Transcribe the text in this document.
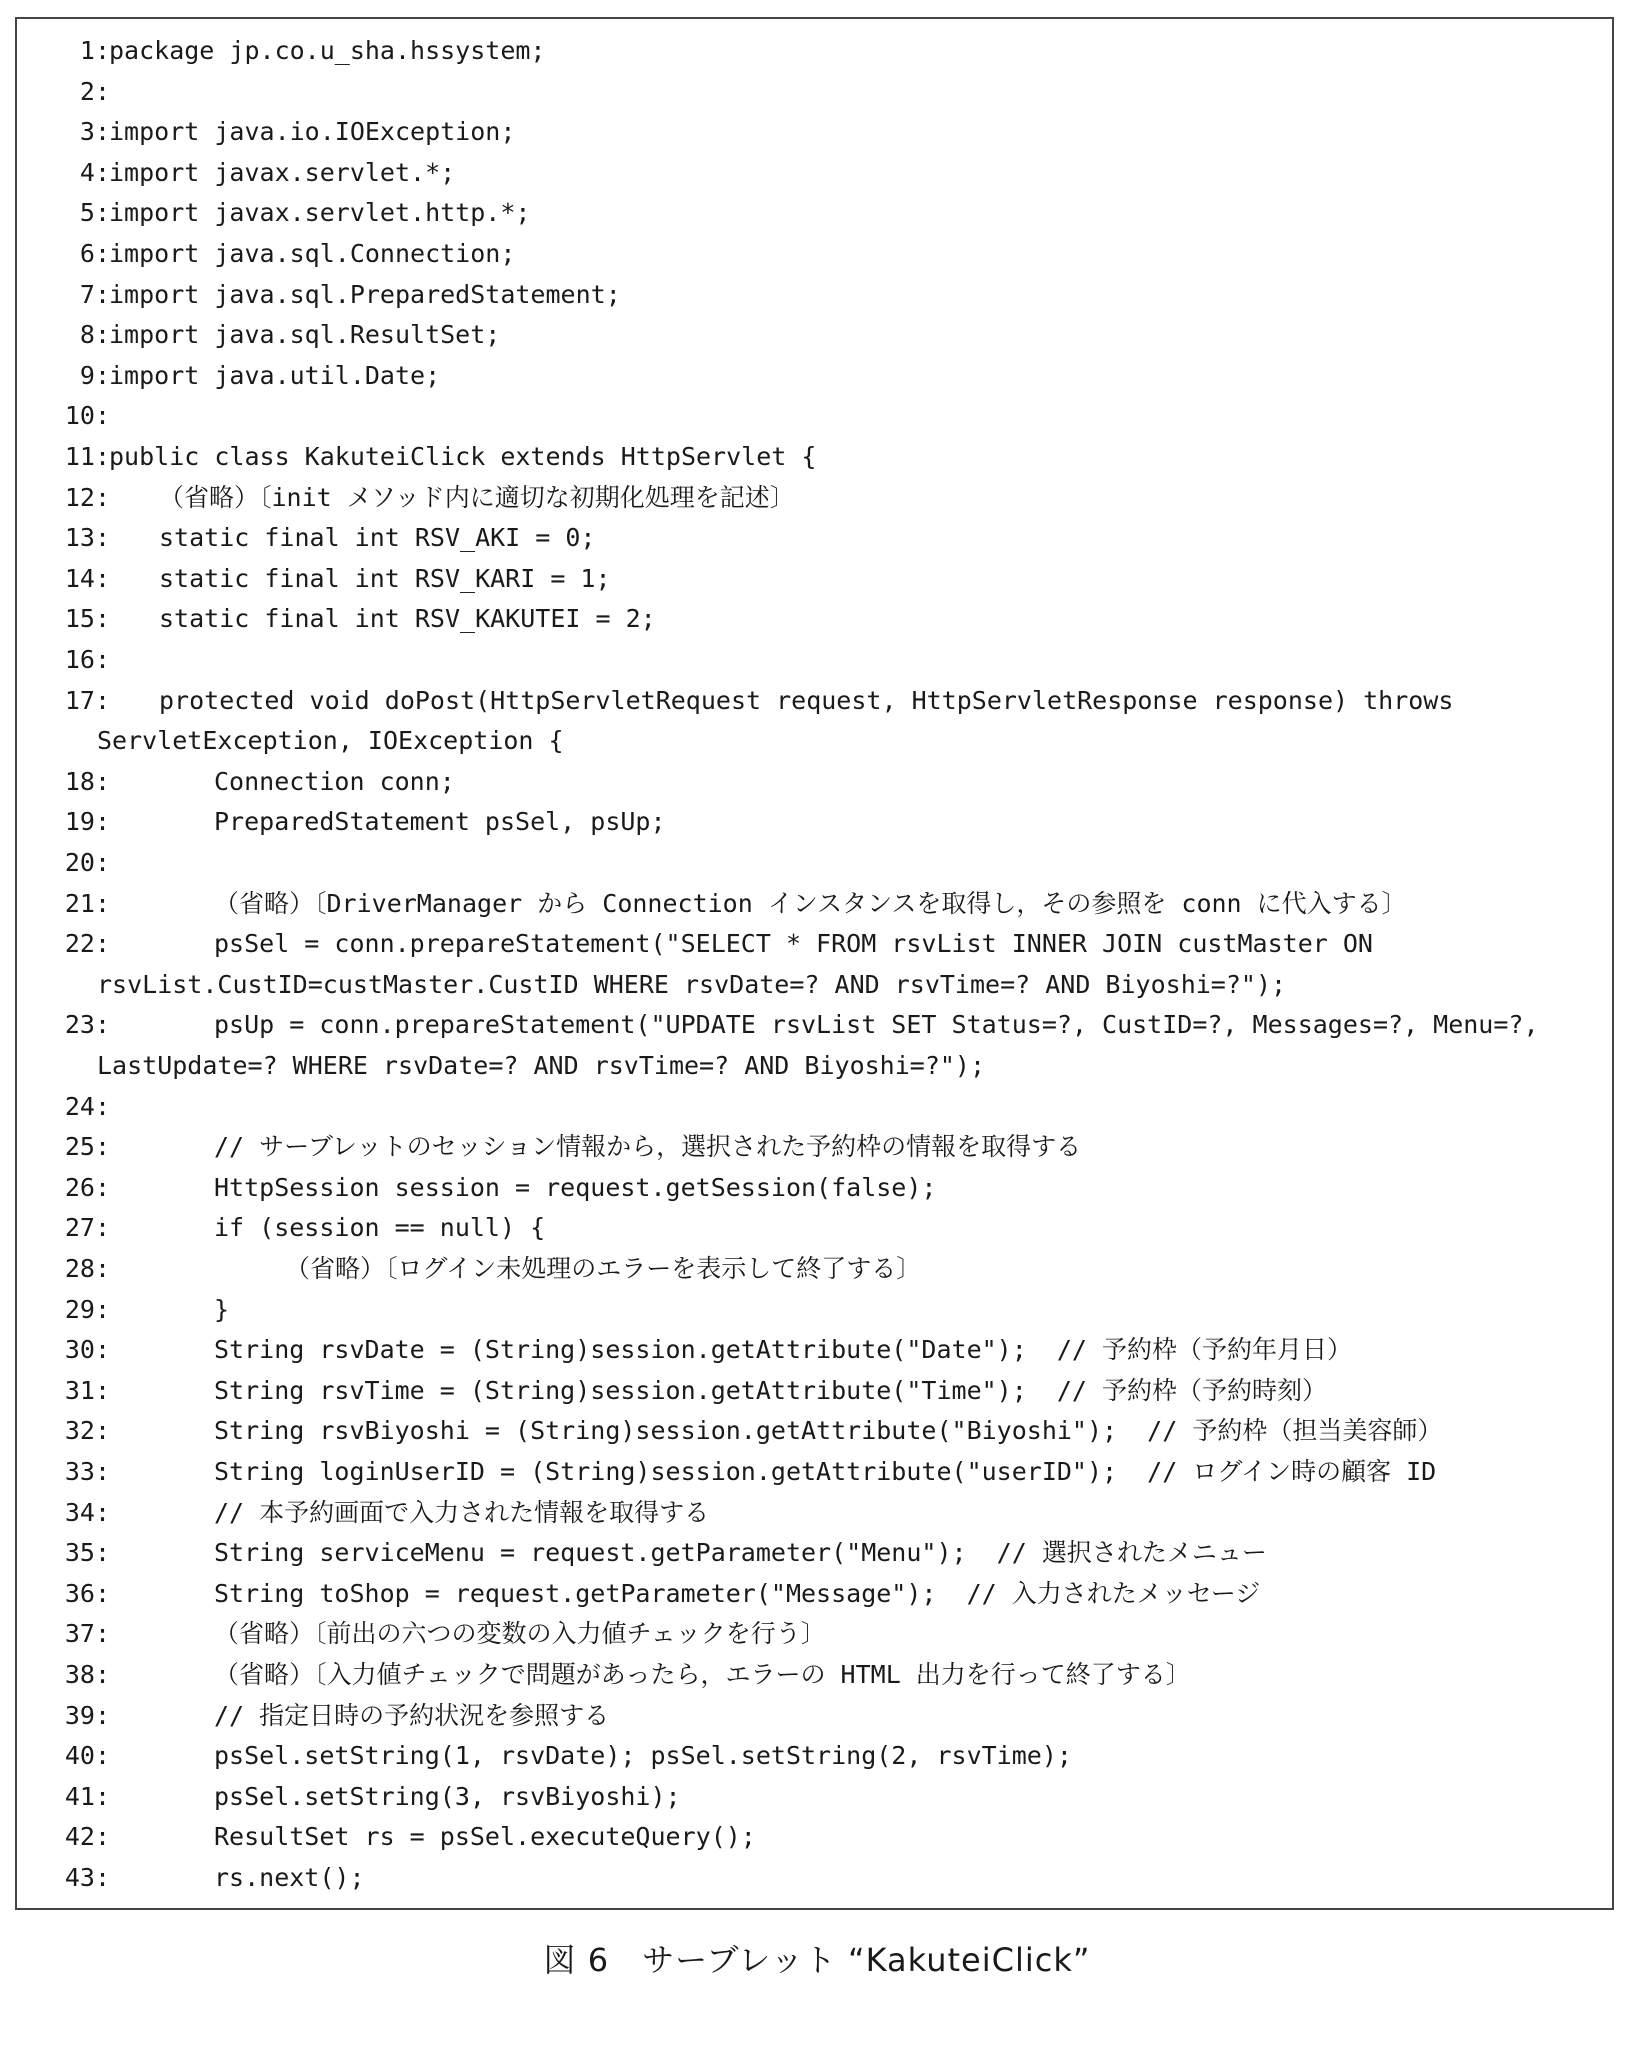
1: package jp.co.u_sha.hssystem;
2:
3: import java.io.IOException;
4: import javax.servlet.*;
5: import javax.servlet.http.*;
6: import java.sql.Connection;
7: import java.sql.PreparedStatement;
8: import java.sql.ResultSet;
9: import java.util.Date;
10:
11: public class KakuteiClick extends HttpServlet {
12: （省略）〔init メソッド内に適切な初期化処理を記述〕
13: static final int RSV_AKI = 0;
14: static final int RSV_KARI = 1;
15: static final int RSV_KAKUTEI = 2;
16:
17: protected void doPost(HttpServletRequest request, HttpServletResponse response) throws
ServletException, IOException {
18:	Connection conn;
19:	PreparedStatement psSel, psUp;
20:
21:	（省略）〔DriverManager から Connection インスタンスを取得し，その参照を conn に代入する〕
22:	psSel = conn.prepareStatement("SELECT * FROM rsvList INNER JOIN custMaster ON
rsvList.CustID=custMaster.CustID WHERE rsvDate=? AND rsvTime=? AND Biyoshi=?");
23:	psUp = conn.prepareStatement("UPDATE rsvList SET Status=?, CustID=?, Messages=?, Menu=?,
LastUpdate=? WHERE rsvDate=? AND rsvTime=? AND Biyoshi=?");
24:
25:	// サーブレットのセッション情報から，選択された予約枠の情報を取得する
26:	HttpSession session = request.getSession(false);
27:	if (session == null) {
28:	（省略）〔ログイン未処理のエラーを表示して終了する〕
29:	}
30:	String rsvDate = (String)session.getAttribute("Date");  // 予約枠（予約年月日）
31:	String rsvTime = (String)session.getAttribute("Time");  // 予約枠（予約時刻）
32:	String rsvBiyoshi = (String)session.getAttribute("Biyoshi");  // 予約枠（担当美容師）
33:	String loginUserID = (String)session.getAttribute("userID");  // ログイン時の顧客 ID
34:	// 本予約画面で入力された情報を取得する
35:	String serviceMenu = request.getParameter("Menu");  // 選択されたメニュー
36:	String toShop = request.getParameter("Message");  // 入力されたメッセージ
37:	（省略）〔前出の六つの変数の入力値チェックを行う〕
38:	（省略）〔入力値チェックで問題があったら，エラーの HTML 出力を行って終了する〕
39:	// 指定日時の予約状況を参照する
40:	psSel.setString(1, rsvDate); psSel.setString(2, rsvTime);
41:	psSel.setString(3, rsvBiyoshi);
42:	ResultSet rs = psSel.executeQuery();
43:	rs.next();
図 6　サーブレット “KakuteiClick”
